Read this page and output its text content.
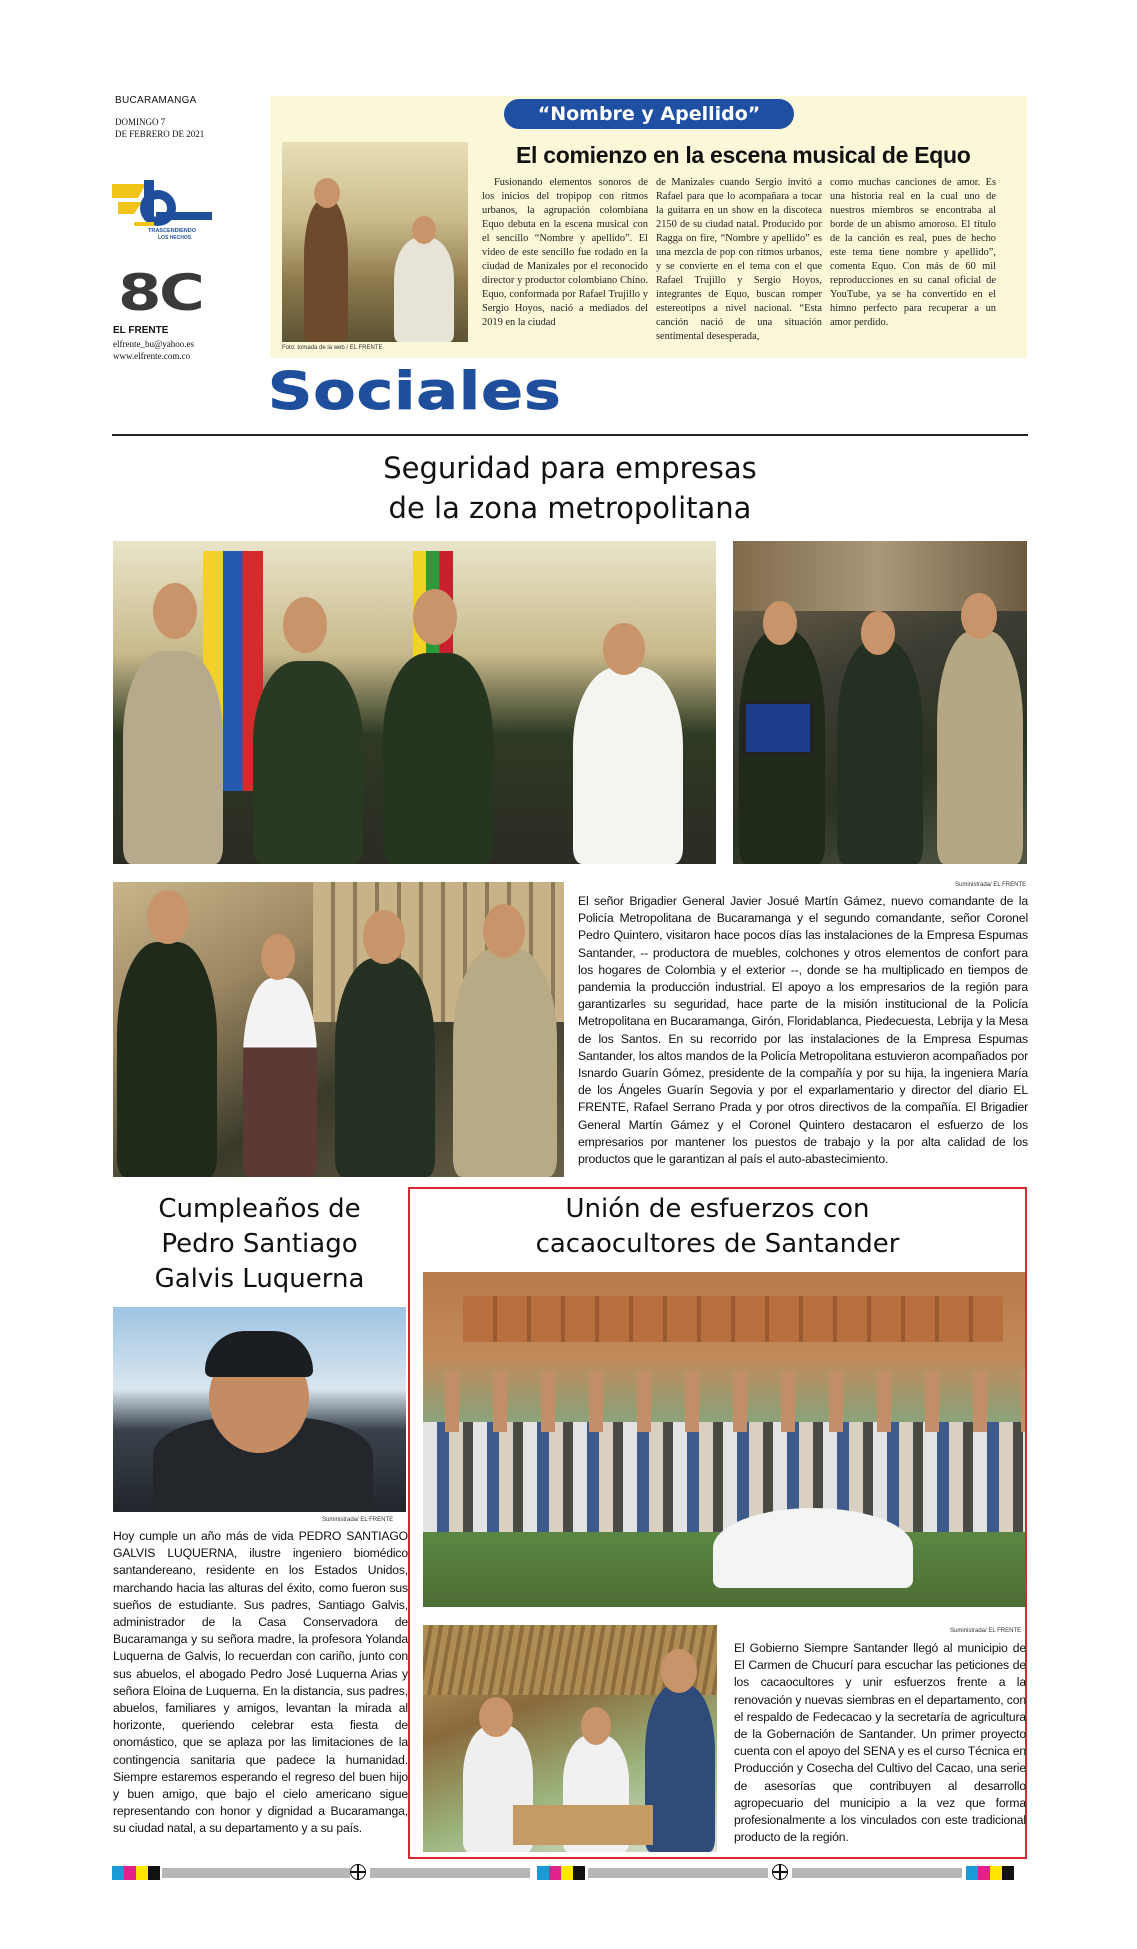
BUCARAMANGA
DOMINGO 7
DE FEBRERO DE 2021
TRASCENDIENDO
LOS HECHOS
8C
EL FRENTE
elfrente_bu@yahoo.es
www.elfrente.com.co
“Nombre y Apellido”
Foto: tomada de la web / EL FRENTE
El comienzo en la escena musical de Equo
Fusionando elementos sonoros de los inicios del tropipop con ritmos urbanos, la agrupación colombiana Equo debuta en la escena musical con el sencillo “Nombre y apellido”. El video de este sencillo fue rodado en la ciudad de Manizales por el reconocido director y productor colombiano Chino. Equo, conformada por Rafael Trujillo y Sergio Hoyos, nació a mediados del 2019 en la ciudad
de Manizales cuando Sergio invitó a Rafael para que lo acompañara a tocar la guitarra en un show en la discoteca 2150 de su ciudad natal. Producido por Ragga on fire, “Nombre y apellido” es una mezcla de pop con ritmos urbanos, y se convierte en el tema con el que Rafael Trujillo y Sergio Hoyos, integrantes de Equo, buscan romper estereotipos a nivel nacional. “Esta canción nació de una situación sentimental desesperada,
como muchas canciones de amor. Es una historia real en la cual uno de nuestros miembros se encontraba al borde de un abismo amoroso. El título de la canción es real, pues de hecho este tema tiene nombre y apellido”, comenta Equo. Con más de 60 mil reproducciones en su canal oficial de YouTube, ya se ha convertido en el himno perfecto para recuperar a un amor perdido.
Sociales
Seguridad para empresas
de la zona metropolitana
Suministrada/ EL FRENTE
El señor Brigadier General Javier Josué Martín Gámez, nuevo comandante de la Policía Metropolitana de Bucaramanga y el segundo comandante, señor Coronel Pedro Quintero, visitaron hace pocos días las instalaciones de la Empresa Espumas Santander, -- productora de muebles, colchones y otros elementos de confort para los hogares de Colombia y el exterior --, donde se ha multiplicado en tiempos de pandemia la producción industrial. El apoyo a los empresarios de la región para garantizarles su seguridad, hace parte de la misión institucional de la Policía Metropolitana en Bucaramanga, Girón, Floridablanca, Piedecuesta, Lebrija y la Mesa de los Santos. En su recorrido por las instalaciones de la Empresa Espumas Santander, los altos mandos de la Policía Metropolitana estuvieron acompañados por Isnardo Guarín Gómez, presidente de la compañía y por su hija, la ingeniera María de los Ángeles Guarín Segovia y por el exparlamentario y director del diario EL FRENTE, Rafael Serrano Prada y por otros directivos de la compañía. El Brigadier General Martín Gámez y el Coronel Quintero destacaron el esfuerzo de los empresarios por mantener los puestos de trabajo y la por alta calidad de los productos que le garantizan al país el auto-abastecimiento.
Cumpleaños de
Pedro Santiago
Galvis Luquerna
Suministrada/ EL FRENTE
Hoy cumple un año más de vida PEDRO SANTIAGO GALVIS LUQUERNA, ilustre ingeniero biomédico santandereano, residente en los Estados Unidos, marchando hacia las alturas del éxito, como fueron sus sueños de estudiante. Sus padres, Santiago Galvis, administrador de la Casa Conservadora de Bucaramanga y su señora madre, la profesora Yolanda Luquerna de Galvis, lo recuerdan con cariño, junto con sus abuelos, el abogado Pedro José Luquerna Arias y señora Eloina de Luquerna. En la distancia, sus padres, abuelos, familiares y amigos, levantan la mirada al horizonte, queriendo celebrar esta fiesta de onomástico, que se aplaza por las limitaciones de la contingencia sanitaria que padece la humanidad. Siempre estaremos esperando el regreso del buen hijo y buen amigo, que bajo el cielo americano sigue representando con honor y dignidad a Bucaramanga, su ciudad natal, a su departamento y a su país.
Unión de esfuerzos con
cacaocultores de Santander
Suministrada/ EL FRENTE
El Gobierno Siempre Santander llegó al municipio de El Carmen de Chucurí para escuchar las peticiones de los cacaocultores y unir esfuerzos frente a la renovación y nuevas siembras en el departamento, con el respaldo de Fedecacao y la secretaría de agricultura de la Gobernación de Santander. Un primer proyecto cuenta con el apoyo del SENA y es el curso Técnica en Producción y Cosecha del Cultivo del Cacao, una serie de asesorías que contribuyen al desarrollo agropecuario del municipio a la vez que forma profesionalmente a los vinculados con este tradicional producto de la región.
